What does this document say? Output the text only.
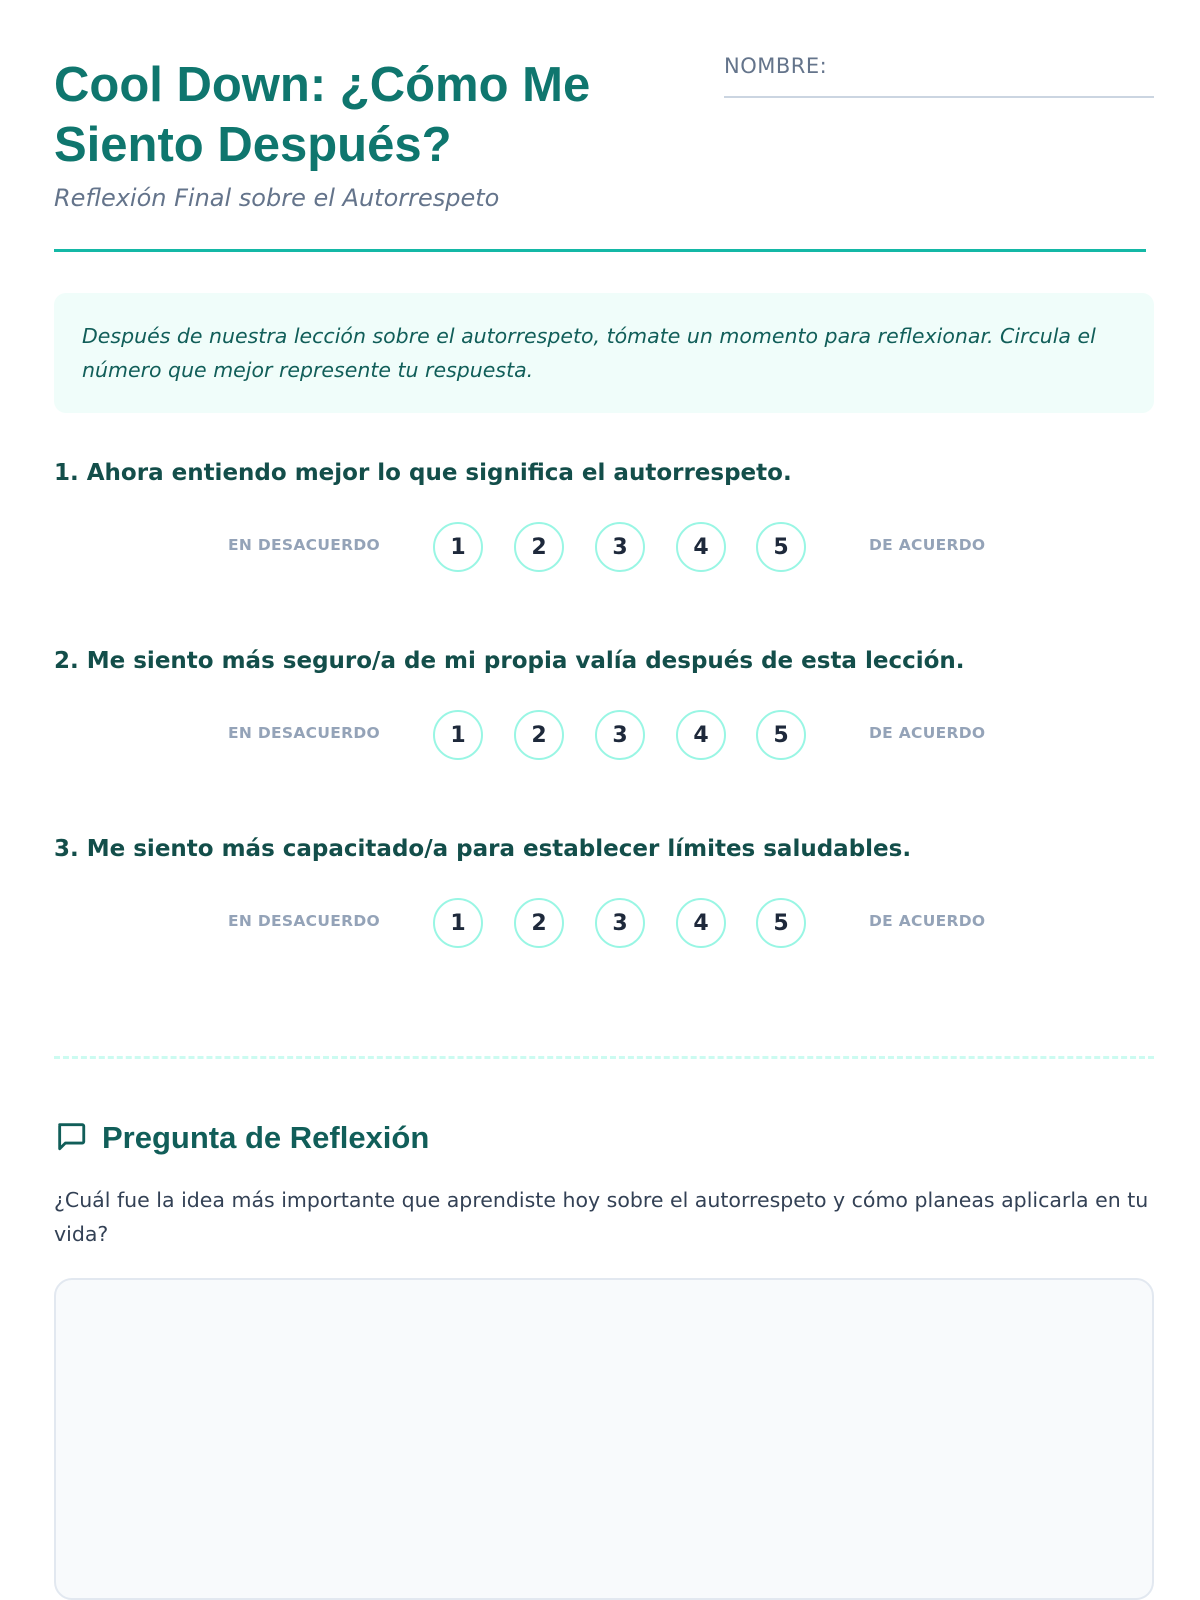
Cool Down: ¿Cómo Me Siento Después?

Reflexión Final sobre el Autorrespeto

NOMBRE:

Después de nuestra lección sobre el autorrespeto, tómate un momento para reflexionar. Circula el número que mejor represente tu respuesta.

1. Ahora entiendo mejor lo que significa el autorrespeto.

EN DESACUERDO	1	2	3	4	5	DE ACUERDO

2. Me siento más seguro/a de mi propia valía después de esta lección.

EN DESACUERDO	1	2	3	4	5	DE ACUERDO

3. Me siento más capacitado/a para establecer límites saludables.

EN DESACUERDO	1	2	3	4	5	DE ACUERDO
Pregunta de Reflexión

¿Cuál fue la idea más importante que aprendiste hoy sobre el autorrespeto y cómo planeas aplicarla en tu vida?
